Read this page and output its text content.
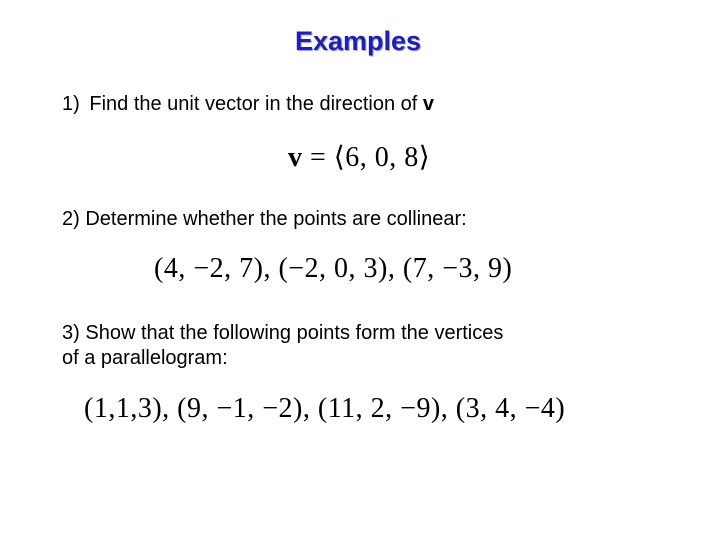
Examples
1) Find the unit vector in the direction of v
v = ⟨6, 0, 8⟩
2) Determine whether the points are collinear:
(4, −2, 7), (−2, 0, 3), (7, −3, 9)
3) Show that the following points form the vertices
of a parallelogram:
(1,1,3), (9, −1, −2), (11, 2, −9), (3, 4, −4)
